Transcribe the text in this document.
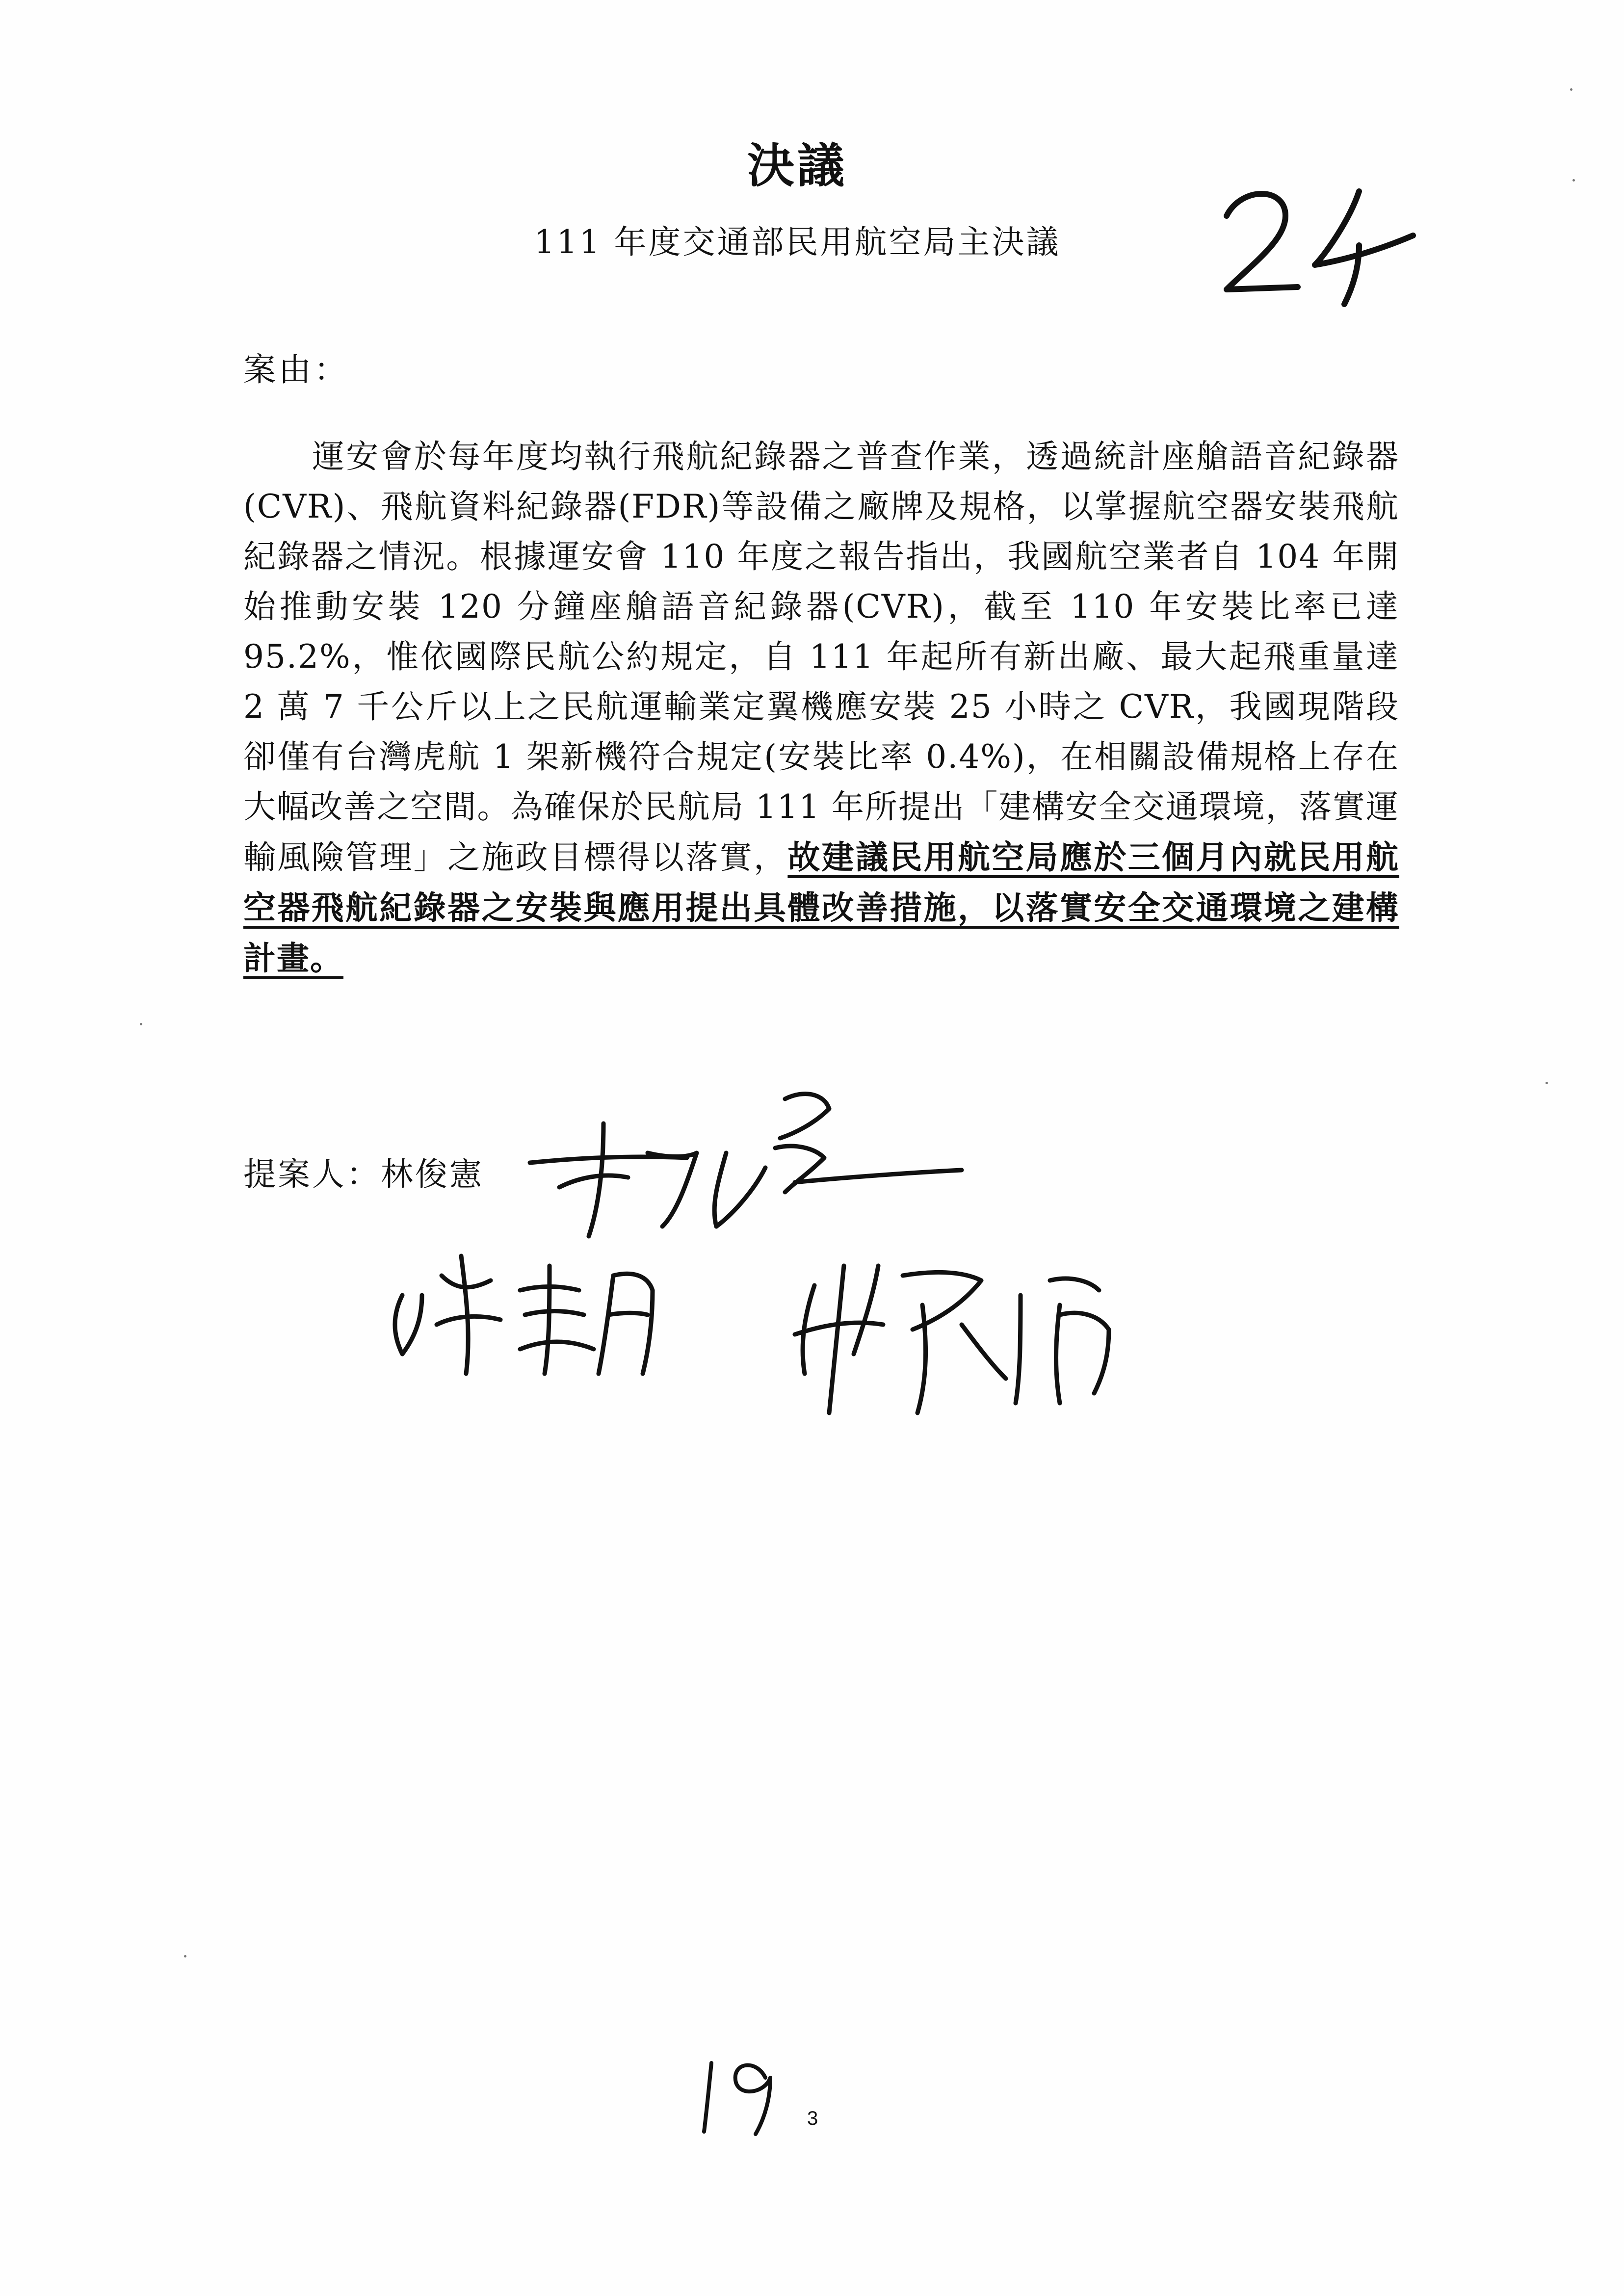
決議
111 年度交通部民用航空局主決議
案由：
運安會於每年度均執行飛航紀錄器之普查作業，透過統計座艙語音紀錄器(CVR)、飛航資料紀錄器(FDR)等設備之廠牌及規格，以掌握航空器安裝飛航紀錄器之情況。根據運安會 110 年度之報告指出，我國航空業者自 104 年開始推動安裝 120 分鐘座艙語音紀錄器(CVR)，截至 110 年安裝比率已達 95.2%，惟依國際民航公約規定，自 111 年起所有新出廠、最大起飛重量達 2 萬 7 千公斤以上之民航運輸業定翼機應安裝 25 小時之 CVR，我國現階段卻僅有台灣虎航 1 架新機符合規定(安裝比率 0.4%)，在相關設備規格上存在大幅改善之空間。為確保於民航局 111 年所提出「建構安全交通環境，落實運輸風險管理」之施政目標得以落實，故建議民用航空局應於三個月內就民用航空器飛航紀錄器之安裝與應用提出具體改善措施，以落實安全交通環境之建構計畫。
提案人：林俊憲
3
